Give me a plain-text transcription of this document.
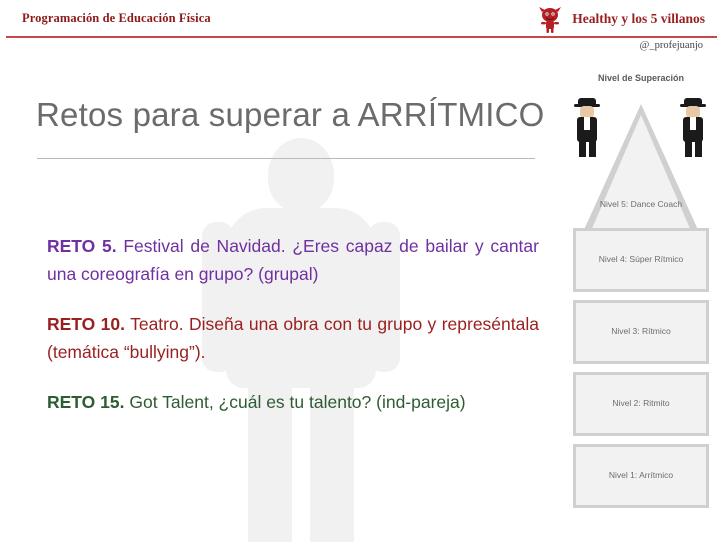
Programación de Educación Física	Healthy y los 5 villanos
@_profejuanjo
Retos para superar a ARRÍTMICO

RETO 5. Festival de Navidad. ¿Eres capaz de bailar y cantar una coreografía en grupo? (grupal)

RETO 10. Teatro. Diseña una obra con tu grupo y represéntala (temática “bullying”).

RETO 15. Got Talent, ¿cuál es tu talento? (ind-pareja)

Nivel de Superación
Nivel 5: Dance Coach
Nivel 4: Súper Rítmico
Nivel 3: Rítmico
Nivel 2: Ritmito
Nivel 1: Arrítmico
